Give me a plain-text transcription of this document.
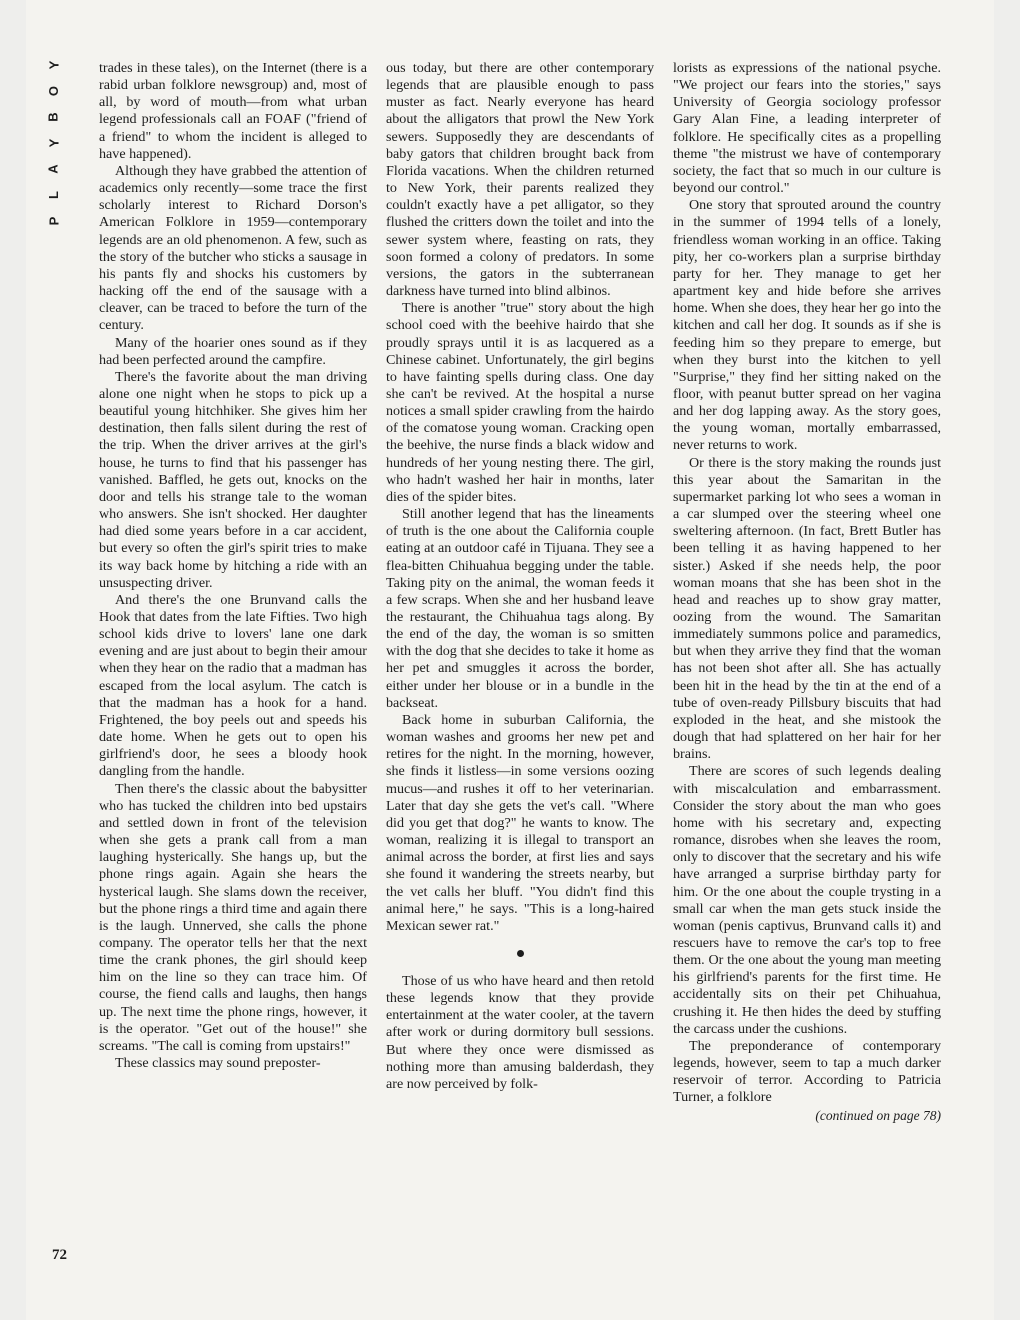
Y
O
B
Y
A
L
P

trades in these tales), on the Internet (there is a rabid urban folklore newsgroup) and, most of all, by word of mouth—from what urban legend professionals call an FOAF ("friend of a friend" to whom the incident is alleged to have happened).

Although they have grabbed the attention of academics only recently—some trace the first scholarly interest to Richard Dorson's American Folklore in 1959—contemporary legends are an old phenomenon. A few, such as the story of the butcher who sticks a sausage in his pants fly and shocks his customers by hacking off the end of the sausage with a cleaver, can be traced to before the turn of the century.

Many of the hoarier ones sound as if they had been perfected around the campfire.

There's the favorite about the man driving alone one night when he stops to pick up a beautiful young hitchhiker. She gives him her destination, then falls silent during the rest of the trip. When the driver arrives at the girl's house, he turns to find that his passenger has vanished. Baffled, he gets out, knocks on the door and tells his strange tale to the woman who answers. She isn't shocked. Her daughter had died some years before in a car accident, but every so often the girl's spirit tries to make its way back home by hitching a ride with an unsuspecting driver.

And there's the one Brunvand calls the Hook that dates from the late Fifties. Two high school kids drive to lovers' lane one dark evening and are just about to begin their amour when they hear on the radio that a madman has escaped from the local asylum. The catch is that the madman has a hook for a hand. Frightened, the boy peels out and speeds his date home. When he gets out to open his girlfriend's door, he sees a bloody hook dangling from the handle.

Then there's the classic about the babysitter who has tucked the children into bed upstairs and settled down in front of the television when she gets a prank call from a man laughing hysterically. She hangs up, but the phone rings again. Again she hears the hysterical laugh. She slams down the receiver, but the phone rings a third time and again there is the laugh. Unnerved, she calls the phone company. The operator tells her that the next time the crank phones, the girl should keep him on the line so they can trace him. Of course, the fiend calls and laughs, then hangs up. The next time the phone rings, however, it is the operator. "Get out of the house!" she screams. "The call is coming from upstairs!"

These classics may sound preposter-

ous today, but there are other contemporary legends that are plausible enough to pass muster as fact. Nearly everyone has heard about the alligators that prowl the New York sewers. Supposedly they are descendants of baby gators that children brought back from Florida vacations. When the children returned to New York, their parents realized they couldn't exactly have a pet alligator, so they flushed the critters down the toilet and into the sewer system where, feasting on rats, they soon formed a colony of predators. In some versions, the gators in the subterranean darkness have turned into blind albinos.

There is another "true" story about the high school coed with the beehive hairdo that she proudly sprays until it is as lacquered as a Chinese cabinet. Unfortunately, the girl begins to have fainting spells during class. One day she can't be revived. At the hospital a nurse notices a small spider crawling from the hairdo of the comatose young woman. Cracking open the beehive, the nurse finds a black widow and hundreds of her young nesting there. The girl, who hadn't washed her hair in months, later dies of the spider bites.

Still another legend that has the lineaments of truth is the one about the California couple eating at an outdoor café in Tijuana. They see a flea-bitten Chihuahua begging under the table. Taking pity on the animal, the woman feeds it a few scraps. When she and her husband leave the restaurant, the Chihuahua tags along. By the end of the day, the woman is so smitten with the dog that she decides to take it home as her pet and smuggles it across the border, either under her blouse or in a bundle in the backseat.

Back home in suburban California, the woman washes and grooms her new pet and retires for the night. In the morning, however, she finds it listless—in some versions oozing mucus—and rushes it off to her veterinarian. Later that day she gets the vet's call. "Where did you get that dog?" he wants to know. The woman, realizing it is illegal to transport an animal across the border, at first lies and says she found it wandering the streets nearby, but the vet calls her bluff. "You didn't find this animal here," he says. "This is a long-haired Mexican sewer rat."

Those of us who have heard and then retold these legends know that they provide entertainment at the water cooler, at the tavern after work or during dormitory bull sessions. But where they once were dismissed as nothing more than amusing balderdash, they are now perceived by folk-

lorists as expressions of the national psyche. "We project our fears into the stories," says University of Georgia sociology professor Gary Alan Fine, a leading interpreter of folklore. He specifically cites as a propelling theme "the mistrust we have of contemporary society, the fact that so much in our culture is beyond our control."

One story that sprouted around the country in the summer of 1994 tells of a lonely, friendless woman working in an office. Taking pity, her co-workers plan a surprise birthday party for her. They manage to get her apartment key and hide before she arrives home. When she does, they hear her go into the kitchen and call her dog. It sounds as if she is feeding him so they prepare to emerge, but when they burst into the kitchen to yell "Surprise," they find her sitting naked on the floor, with peanut butter spread on her vagina and her dog lapping away. As the story goes, the young woman, mortally embarrassed, never returns to work.

Or there is the story making the rounds just this year about the Samaritan in the supermarket parking lot who sees a woman in a car slumped over the steering wheel one sweltering afternoon. (In fact, Brett Butler has been telling it as having happened to her sister.) Asked if she needs help, the poor woman moans that she has been shot in the head and reaches up to show gray matter, oozing from the wound. The Samaritan immediately summons police and paramedics, but when they arrive they find that the woman has not been shot after all. She has actually been hit in the head by the tin at the end of a tube of oven-ready Pillsbury biscuits that had exploded in the heat, and she mistook the dough that had splattered on her hair for her brains.

There are scores of such legends dealing with miscalculation and embarrassment. Consider the story about the man who goes home with his secretary and, expecting romance, disrobes when she leaves the room, only to discover that the secretary and his wife have arranged a surprise birthday party for him. Or the one about the couple trysting in a small car when the man gets stuck inside the woman (penis captivus, Brunvand calls it) and rescuers have to remove the car's top to free them. Or the one about the young man meeting his girlfriend's parents for the first time. He accidentally sits on their pet Chihuahua, crushing it. He then hides the deed by stuffing the carcass under the cushions.

The preponderance of contemporary legends, however, seem to tap a much darker reservoir of terror. According to Patricia Turner, a folklore

(continued on page 78)
72
